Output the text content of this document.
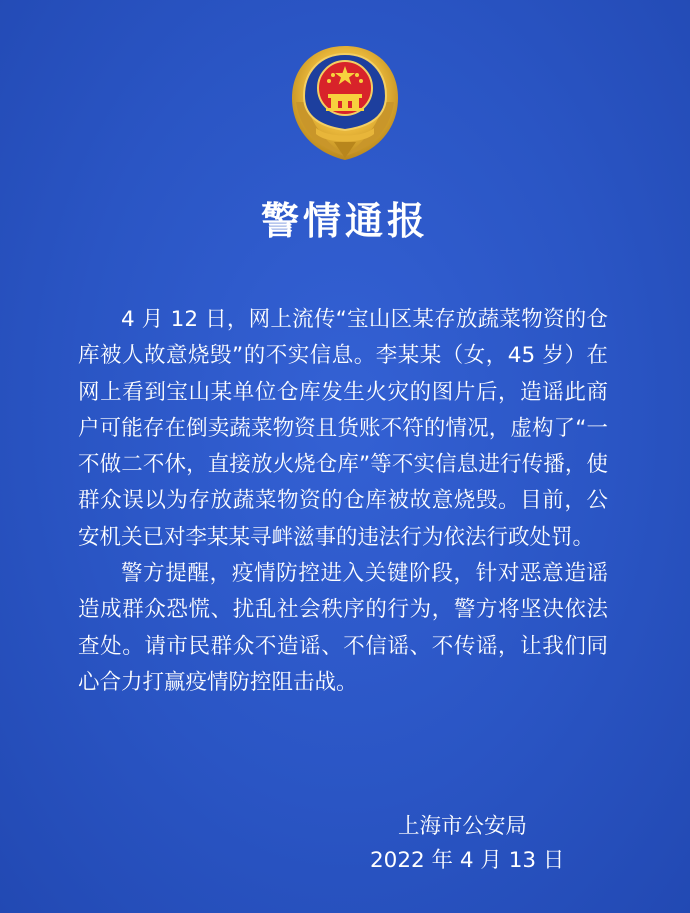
警情通报

4 月 12 日，网上流传“宝山区某存放蔬菜物资的仓库被人故意烧毁”的不实信息。李某某（女，45 岁）在网上看到宝山某单位仓库发生火灾的图片后，造谣此商户可能存在倒卖蔬菜物资且货账不符的情况，虚构了“一不做二不休，直接放火烧仓库”等不实信息进行传播，使群众误以为存放蔬菜物资的仓库被故意烧毁。目前，公安机关已对李某某寻衅滋事的违法行为依法行政处罚。

警方提醒，疫情防控进入关键阶段，针对恶意造谣造成群众恐慌、扰乱社会秩序的行为，警方将坚决依法查处。请市民群众不造谣、不信谣、不传谣，让我们同心合力打赢疫情防控阻击战。

上海市公安局
2022 年 4 月 13 日
